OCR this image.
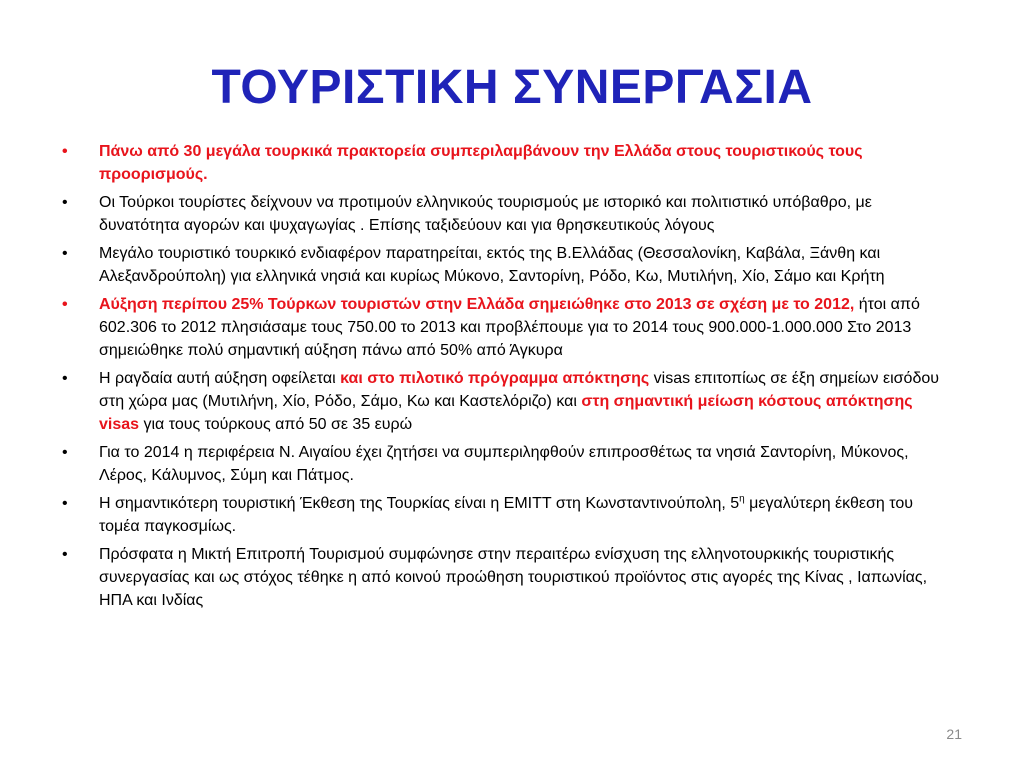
ΤΟΥΡΙΣΤΙΚΗ ΣΥΝΕΡΓΑΣΙΑ
• Πάνω από 30 μεγάλα τουρκικά πρακτορεία συμπεριλαμβάνουν την Ελλάδα στους τουριστικούς τους προορισμούς.
• Οι Τούρκοι τουρίστες δείχνουν να προτιμούν ελληνικούς τουρισμούς με ιστορικό και πολιτιστικό υπόβαθρο, με δυνατότητα αγορών και ψυχαγωγίας . Επίσης ταξιδεύουν και για θρησκευτικούς λόγους
• Μεγάλο τουριστικό τουρκικό ενδιαφέρον παρατηρείται, εκτός της Β.Ελλάδας (Θεσσαλονίκη, Καβάλα, Ξάνθη και Αλεξανδρούπολη) για ελληνικά νησιά και κυρίως Μύκονο, Σαντορίνη, Ρόδο, Κω, Μυτιλήνη, Χίο, Σάμο και Κρήτη
• Αύξηση περίπου 25% Τούρκων τουριστών στην Ελλάδα σημειώθηκε στο 2013 σε σχέση με το 2012, ήτοι από 602.306 το 2012 πλησιάσαμε τους 750.00 το 2013 και προβλέπουμε για το 2014 τους 900.000-1.000.000 Στο 2013 σημειώθηκε πολύ σημαντική αύξηση πάνω από 50% από Άγκυρα
• Η ραγδαία αυτή αύξηση οφείλεται και στο πιλοτικό πρόγραμμα απόκτησης visas επιτοπίως σε έξη σημείων εισόδου στη χώρα μας (Μυτιλήνη, Χίο, Ρόδο, Σάμο, Κω και Καστελόριζο) και στη σημαντική μείωση κόστους απόκτησης visas για τους τούρκους από 50 σε 35 ευρώ
• Για το 2014 η περιφέρεια Ν. Αιγαίου έχει ζητήσει να συμπεριληφθούν επιπροσθέτως τα νησιά Σαντορίνη, Μύκονος, Λέρος, Κάλυμνος, Σύμη και Πάτμος.
• Η σημαντικότερη τουριστική Έκθεση της Τουρκίας είναι η EMITT στη Κωνσταντινούπολη, $5^\eta$ μεγαλύτερη έκθεση του τομέα παγκοσμίως.
• Πρόσφατα η Μικτή Επιτροπή Τουρισμού συμφώνησε στην περαιτέρω ενίσχυση της ελληνοτουρκικής τουριστικής συνεργασίας και ως στόχος τέθηκε η από κοινού προώθηση τουριστικού προϊόντος στις αγορές της Κίνας , Ιαπωνίας, ΗΠΑ και Ινδίας
21
